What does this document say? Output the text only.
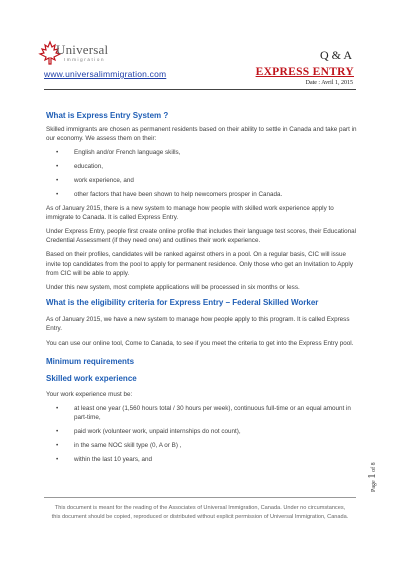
Universal
Immigration
www.universalimmigration.com
Q & A
EXPRESS ENTRY
Date : Avril 1, 2015
What is Express Entry System ?

Skilled immigrants are chosen as permanent residents based on their ability to settle in Canada and take part in our economy. We assess them on their:

• English and/or French language skills,
• education,
• work experience, and
• other factors that have been shown to help newcomers prosper in Canada.

As of January 2015, there is a new system to manage how people with skilled work experience apply to immigrate to Canada. It is called Express Entry.

Under Express Entry, people first create online profile that includes their language test scores, their Educational Credential Assessment (if they need one) and outlines their work experience.

Based on their profiles, candidates will be ranked against others in a pool. On a regular basis, CIC will issue invite top candidates from the pool to apply for permanent residence. Only those who get an Invitation to Apply from CIC will be able to apply.

Under this new system, most complete applications will be processed in six months or less.

What is the eligibility criteria for Express Entry – Federal Skilled Worker

As of January 2015, we have a new system to manage how people apply to this program. It is called Express Entry.

You can use our online tool, Come to Canada, to see if you meet the criteria to get into the Express Entry pool.

Minimum requirements
Skilled work experience

Your work experience must be:

• at least one year (1,560 hours total / 30 hours per week), continuous full-time or an equal amount in part-time,
• paid work (volunteer work, unpaid internships do not count),
• in the same NOC skill type (0, A or B) ,
• within the last 10 years, and
Page 1 of 8
This document is meant for the reading of the Associates of Universal Immigration, Canada. Under no circumstances, this document should be copied, reproduced or distributed without explicit permission of Universal Immigration, Canada.
